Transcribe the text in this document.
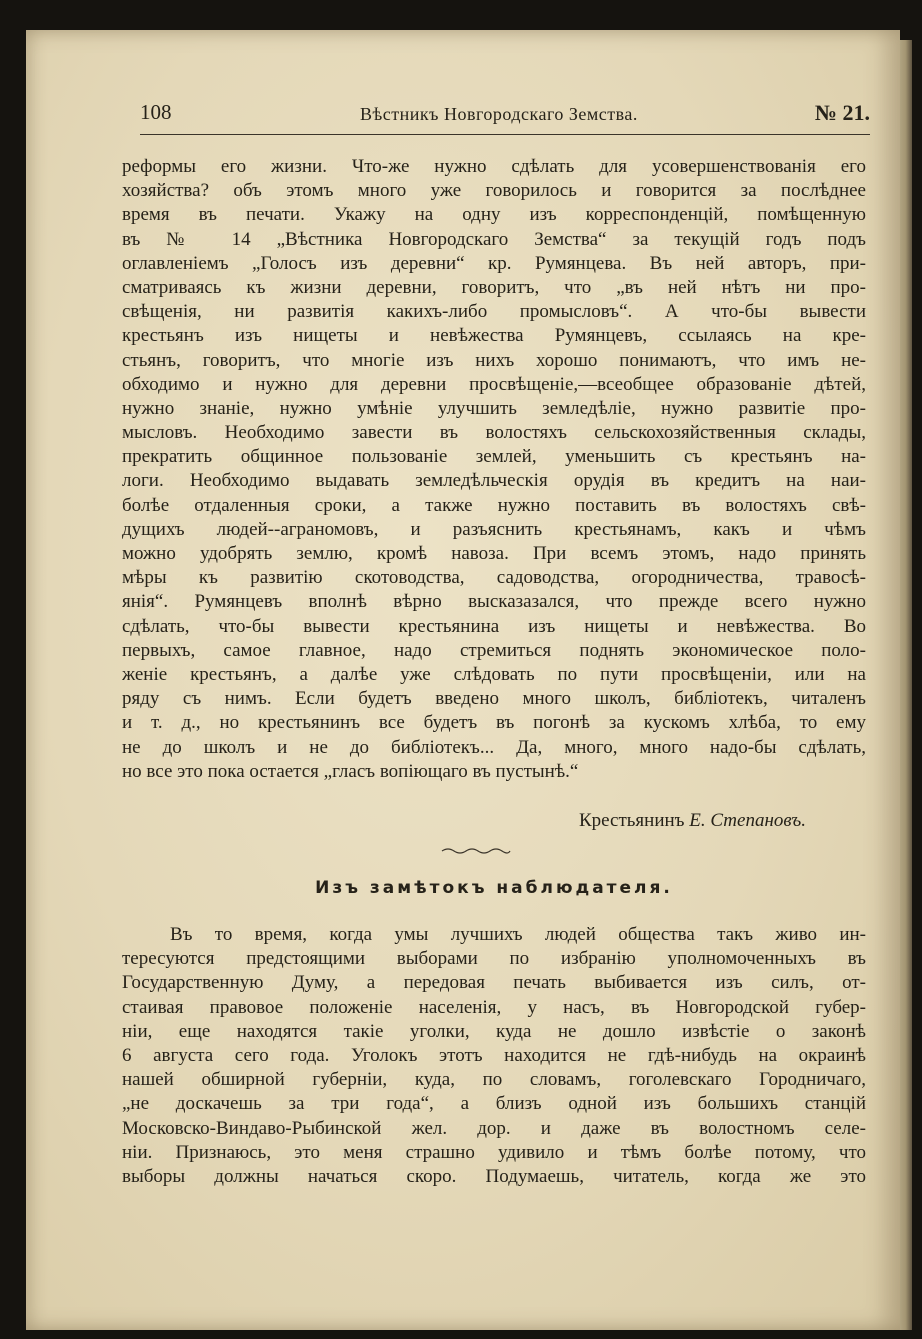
108	Вѣстникъ Новгородскаго Земства.	№ 21.
реформы его жизни. Что-же нужно сдѣлать для усовершенствованія его
хозяйства? объ этомъ много уже говорилось и говорится за послѣднее
время въ печати. Укажу на одну изъ корреспонденцій, помѣщенную
въ № 14 „Вѣстника Новгородскаго Земства“ за текущій годъ подъ
оглавленіемъ „Голосъ изъ деревни“ кр. Румянцева. Въ ней авторъ, при-
сматриваясь къ жизни деревни, говоритъ, что „въ ней нѣтъ ни про-
свѣщенія, ни развитія какихъ-либо промысловъ“. А что-бы вывести
крестьянъ изъ нищеты и невѣжества Румянцевъ, ссылаясь на кре-
стьянъ, говоритъ, что многіе изъ нихъ хорошо понимаютъ, что имъ не-
обходимо и нужно для деревни просвѣщеніе,—всеобщее образованіе дѣтей,
нужно знаніе, нужно умѣніе улучшить земледѣліе, нужно развитіе про-
мысловъ. Необходимо завести въ волостяхъ сельскохозяйственныя склады,
прекратить общинное пользованіе землей, уменьшить съ крестьянъ на-
логи. Необходимо выдавать земледѣльческія орудія въ кредитъ на наи-
болѣе отдаленныя сроки, а также нужно поставить въ волостяхъ свѣ-
дущихъ людей--аграномовъ, и разъяснить крестьянамъ, какъ и чѣмъ
можно удобрять землю, кромѣ навоза. При всемъ этомъ, надо принять
мѣры къ развитію скотоводства, садоводства, огородничества, травосѣ-
янія“. Румянцевъ вполнѣ вѣрно высказазался, что прежде всего нужно
сдѣлать, что-бы вывести крестьянина изъ нищеты и невѣжества. Во
первыхъ, самое главное, надо стремиться поднять экономическое поло-
женіе крестьянъ, а далѣе уже слѣдовать по пути просвѣщеніи, или на
ряду съ нимъ. Если будетъ введено много школъ, библіотекъ, читаленъ
и т. д., но крестьянинъ все будетъ въ погонѣ за кускомъ хлѣба, то ему
не до школъ и не до библіотекъ... Да, много, много надо-бы сдѣлать,
но все это пока остается „гласъ вопіющаго въ пустынѣ.“
Крестьянинъ Е. Степановъ.
Изъ замѣтокъ наблюдателя.
Въ то время, когда умы лучшихъ людей общества такъ живо ин-
тересуются предстоящими выборами по избранію уполномоченныхъ въ
Государственную Думу, а передовая печать выбивается изъ силъ, от-
стаивая правовое положеніе населенія, у насъ, въ Новгородской губер-
ніи, еще находятся такіе уголки, куда не дошло извѣстіе о законѣ
6 августа сего года. Уголокъ этотъ находится не гдѣ-нибудь на окраинѣ
нашей обширной губерніи, куда, по словамъ, гоголевскаго Городничаго,
„не доскачешь за три года“, а близъ одной изъ большихъ станцій
Московско-Виндаво-Рыбинской жел. дор. и даже въ волостномъ селе-
ніи. Признаюсь, это меня страшно удивило и тѣмъ болѣе потому, что
выборы должны начаться скоро. Подумаешь, читатель, когда же это
